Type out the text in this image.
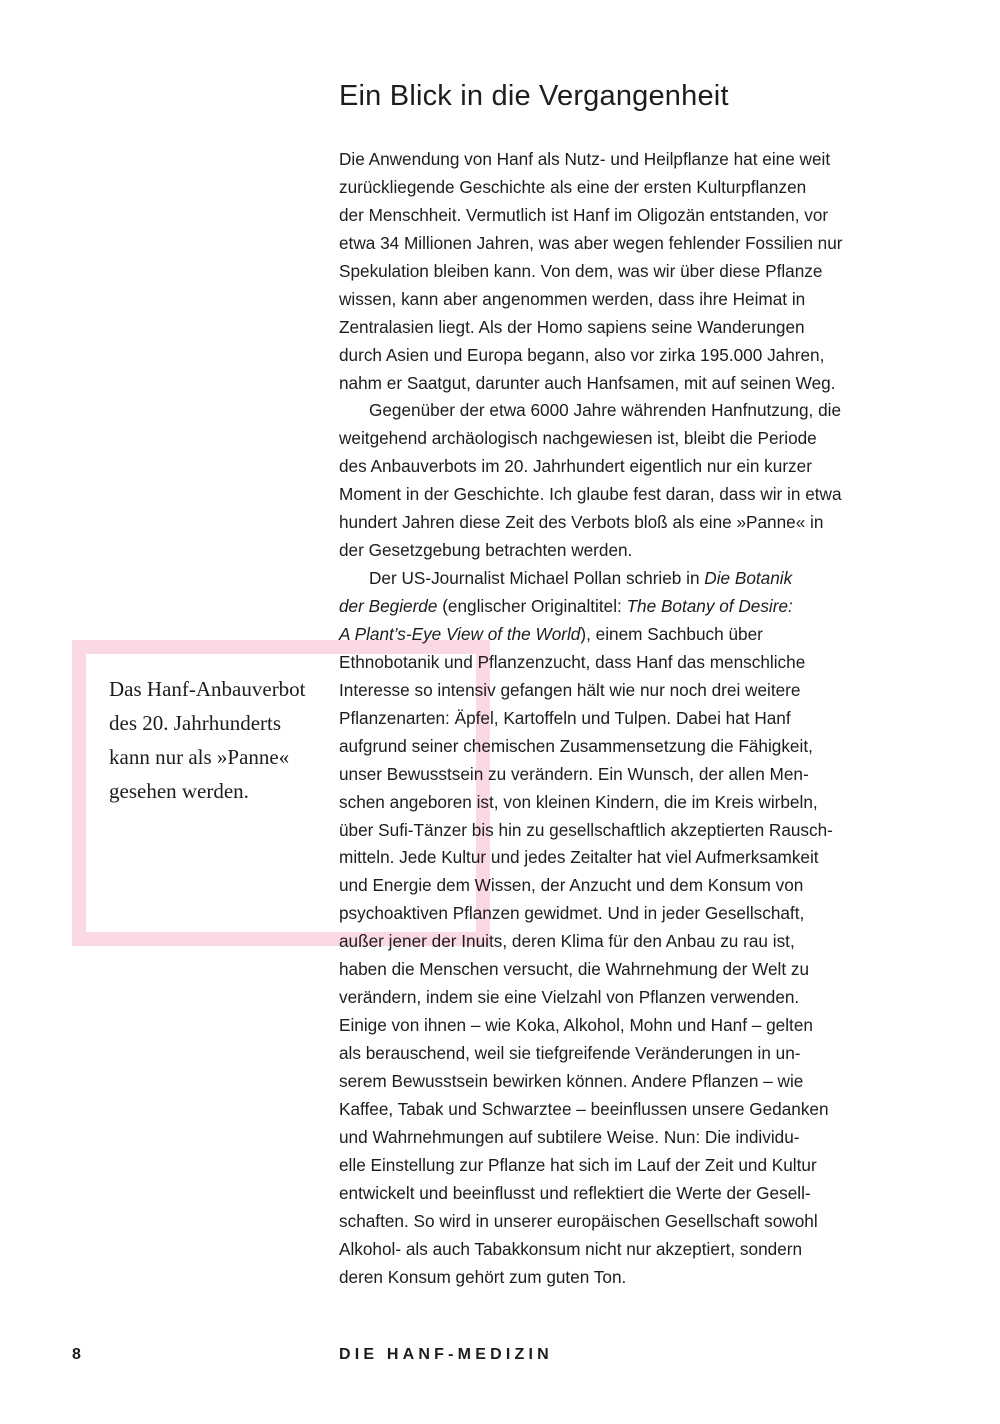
Ein Blick in die Vergangenheit
Die Anwendung von Hanf als Nutz- und Heilpflanze hat eine weit
zurückliegende Geschichte als eine der ersten Kulturpflanzen
der Menschheit. Vermutlich ist Hanf im Oligozän entstanden, vor
etwa 34 Millionen Jahren, was aber wegen fehlender Fossilien nur
Spekulation bleiben kann. Von dem, was wir über diese Pflanze
wissen, kann aber angenommen werden, dass ihre Heimat in
Zentralasien liegt. Als der Homo sapiens seine Wanderungen
durch Asien und Europa begann, also vor zirka 195.000 Jahren,
nahm er Saatgut, darunter auch Hanfsamen, mit auf seinen Weg.
Gegenüber der etwa 6000 Jahre währenden Hanfnutzung, die
weitgehend archäologisch nachgewiesen ist, bleibt die Periode
des Anbauverbots im 20. Jahrhundert eigentlich nur ein kurzer
Moment in der Geschichte. Ich glaube fest daran, dass wir in etwa
hundert Jahren diese Zeit des Verbots bloß als eine »Panne« in
der Gesetzgebung betrachten werden.
Der US-Journalist Michael Pollan schrieb in Die Botanik
der Begierde (englischer Originaltitel: The Botany of Desire:
A Plant’s-Eye View of the World), einem Sachbuch über
Ethnobotanik und Pflanzenzucht, dass Hanf das menschliche
Interesse so intensiv gefangen hält wie nur noch drei weitere
Pflanzenarten: Äpfel, Kartoffeln und Tulpen. Dabei hat Hanf
aufgrund seiner chemischen Zusammensetzung die Fähigkeit,
unser Bewusstsein zu verändern. Ein Wunsch, der allen Men-
schen angeboren ist, von kleinen Kindern, die im Kreis wirbeln,
über Sufi-Tänzer bis hin zu gesellschaftlich akzeptierten Rausch-
mitteln. Jede Kultur und jedes Zeitalter hat viel Aufmerksamkeit
und Energie dem Wissen, der Anzucht und dem Konsum von
psychoaktiven Pflanzen gewidmet. Und in jeder Gesellschaft,
außer jener der Inuits, deren Klima für den Anbau zu rau ist,
haben die Menschen versucht, die Wahrnehmung der Welt zu
verändern, indem sie eine Vielzahl von Pflanzen verwenden.
Einige von ihnen – wie Koka, Alkohol, Mohn und Hanf – gelten
als berauschend, weil sie tiefgreifende Veränderungen in un-
serem Bewusstsein bewirken können. Andere Pflanzen – wie
Kaffee, Tabak und Schwarztee – beeinflussen unsere Gedanken
und Wahrnehmungen auf subtilere Weise. Nun: Die individu-
elle Einstellung zur Pflanze hat sich im Lauf der Zeit und Kultur
entwickelt und beeinflusst und reflektiert die Werte der Gesell-
schaften. So wird in unserer europäischen Gesellschaft sowohl
Alkohol- als auch Tabakkonsum nicht nur akzeptiert, sondern
deren Konsum gehört zum guten Ton.
Das Hanf-Anbauverbot
des 20. Jahrhunderts
kann nur als »Panne«
gesehen werden.
8	DIE HANF-MEDIZIN
